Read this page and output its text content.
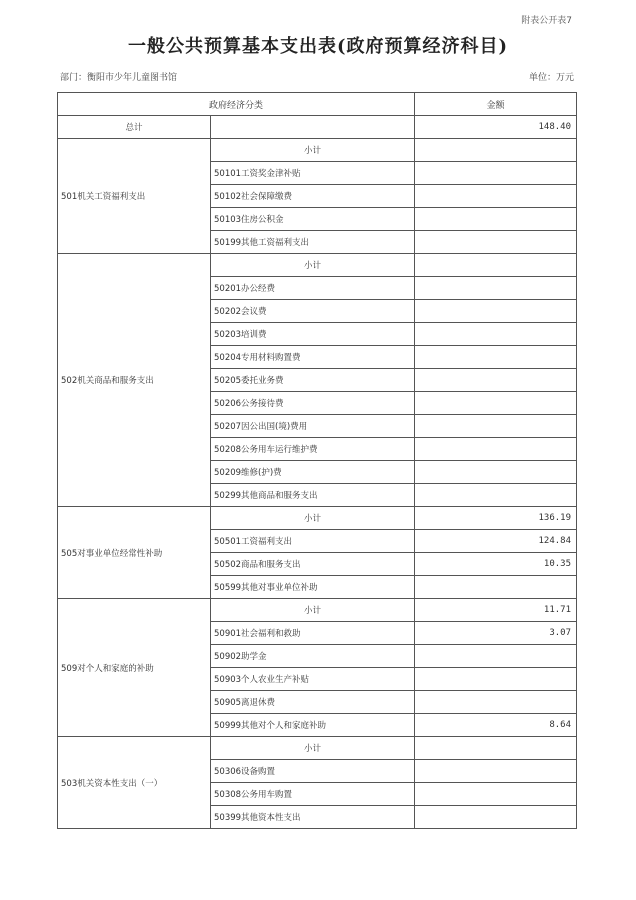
附表公开表7
一般公共预算基本支出表(政府预算经济科目)
部门：衡阳市少年儿童图书馆	单位：万元
政府经济分类		金额
总计		148.40
501机关工资福利支出	小计	
	50101工资奖金津补贴	
	50102社会保障缴费	
	50103住房公积金	
	50199其他工资福利支出	
502机关商品和服务支出	小计	
	50201办公经费	
	50202会议费	
	50203培训费	
	50204专用材料购置费	
	50205委托业务费	
	50206公务接待费	
	50207因公出国(境)费用	
	50208公务用车运行维护费	
	50209维修(护)费	
	50299其他商品和服务支出	
505对事业单位经常性补助	小计	136.19
	50501工资福利支出	124.84
	50502商品和服务支出	10.35
	50599其他对事业单位补助	
509对个人和家庭的补助	小计	11.71
	50901社会福利和救助	3.07
	50902助学金	
	50903个人农业生产补贴	
	50905离退休费	
	50999其他对个人和家庭补助	8.64
503机关资本性支出（一）	小计	
	50306设备购置	
	50308公务用车购置	
	50399其他资本性支出	
